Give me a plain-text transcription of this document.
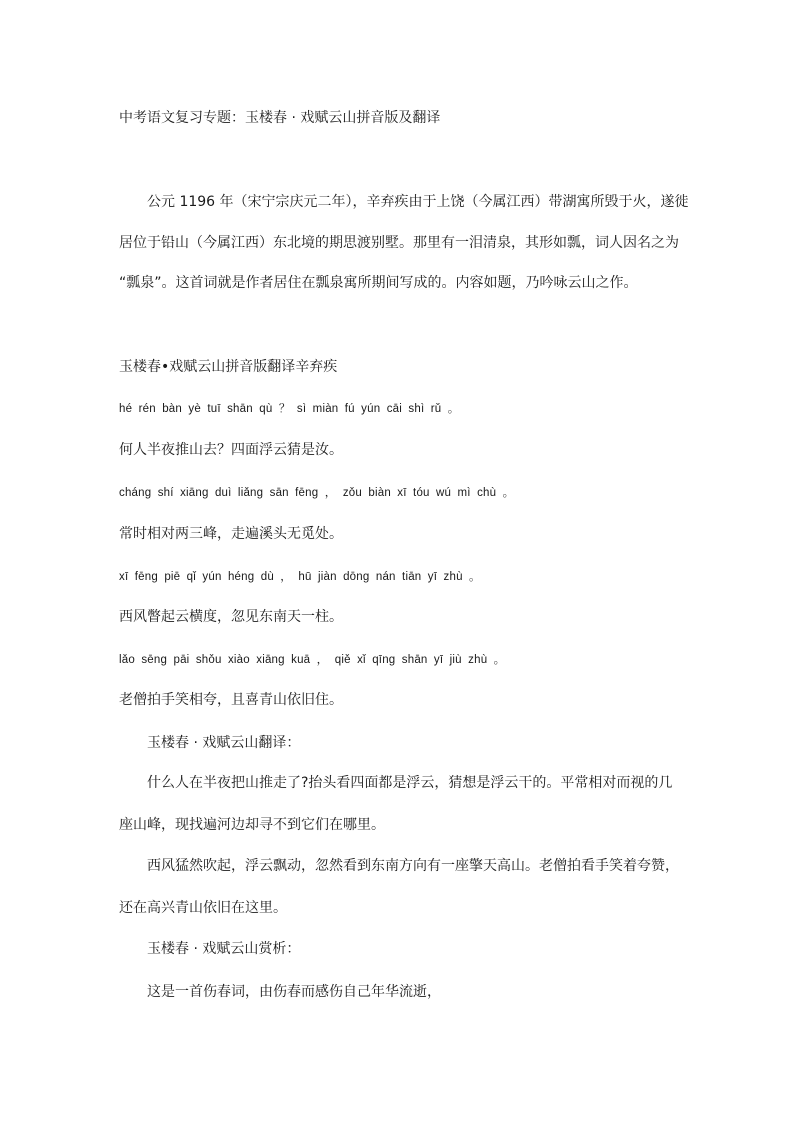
中考语文复习专题：玉楼春 · 戏赋云山拼音版及翻译
公元 1196 年（宋宁宗庆元二年），辛弃疾由于上饶（今属江西）带湖寓所毁于火，遂徙
居位于铅山（今属江西）东北境的期思渡别墅。那里有一泪清泉，其形如瓢，词人因名之为
“瓢泉”。这首词就是作者居住在瓢泉寓所期间写成的。内容如题，乃吟咏云山之作。
玉楼春•戏赋云山拼音版翻译辛弃疾
hé rén bàn yè tuī shān qù ？ sì miàn fú yún cāi shì rǔ 。
何人半夜推山去？四面浮云猜是汝。
cháng shí xiāng duì liǎng sān fēng ， zǒu biàn xī tóu wú mì chù 。
常时相对两三峰，走遍溪头无觅处。
xī fēng piē qǐ yún héng dù ， hū jiàn dōng nán tiān yī zhù 。
西风瞥起云横度，忽见东南天一柱。
lǎo sēng pāi shǒu xiào xiāng kuā ， qiě xǐ qīng shān yī jiù zhù 。
老僧拍手笑相夸，且喜青山依旧住。
玉楼春 · 戏赋云山翻译：
什么人在半夜把山推走了?抬头看四面都是浮云，猜想是浮云干的。平常相对而视的几
座山峰，现找遍河边却寻不到它们在哪里。
西风猛然吹起，浮云飘动，忽然看到东南方向有一座擎天高山。老僧拍看手笑着夸赞，
还在高兴青山依旧在这里。
玉楼春 · 戏赋云山赏析：
这是一首伤春词，由伤春而感伤自己年华流逝，
